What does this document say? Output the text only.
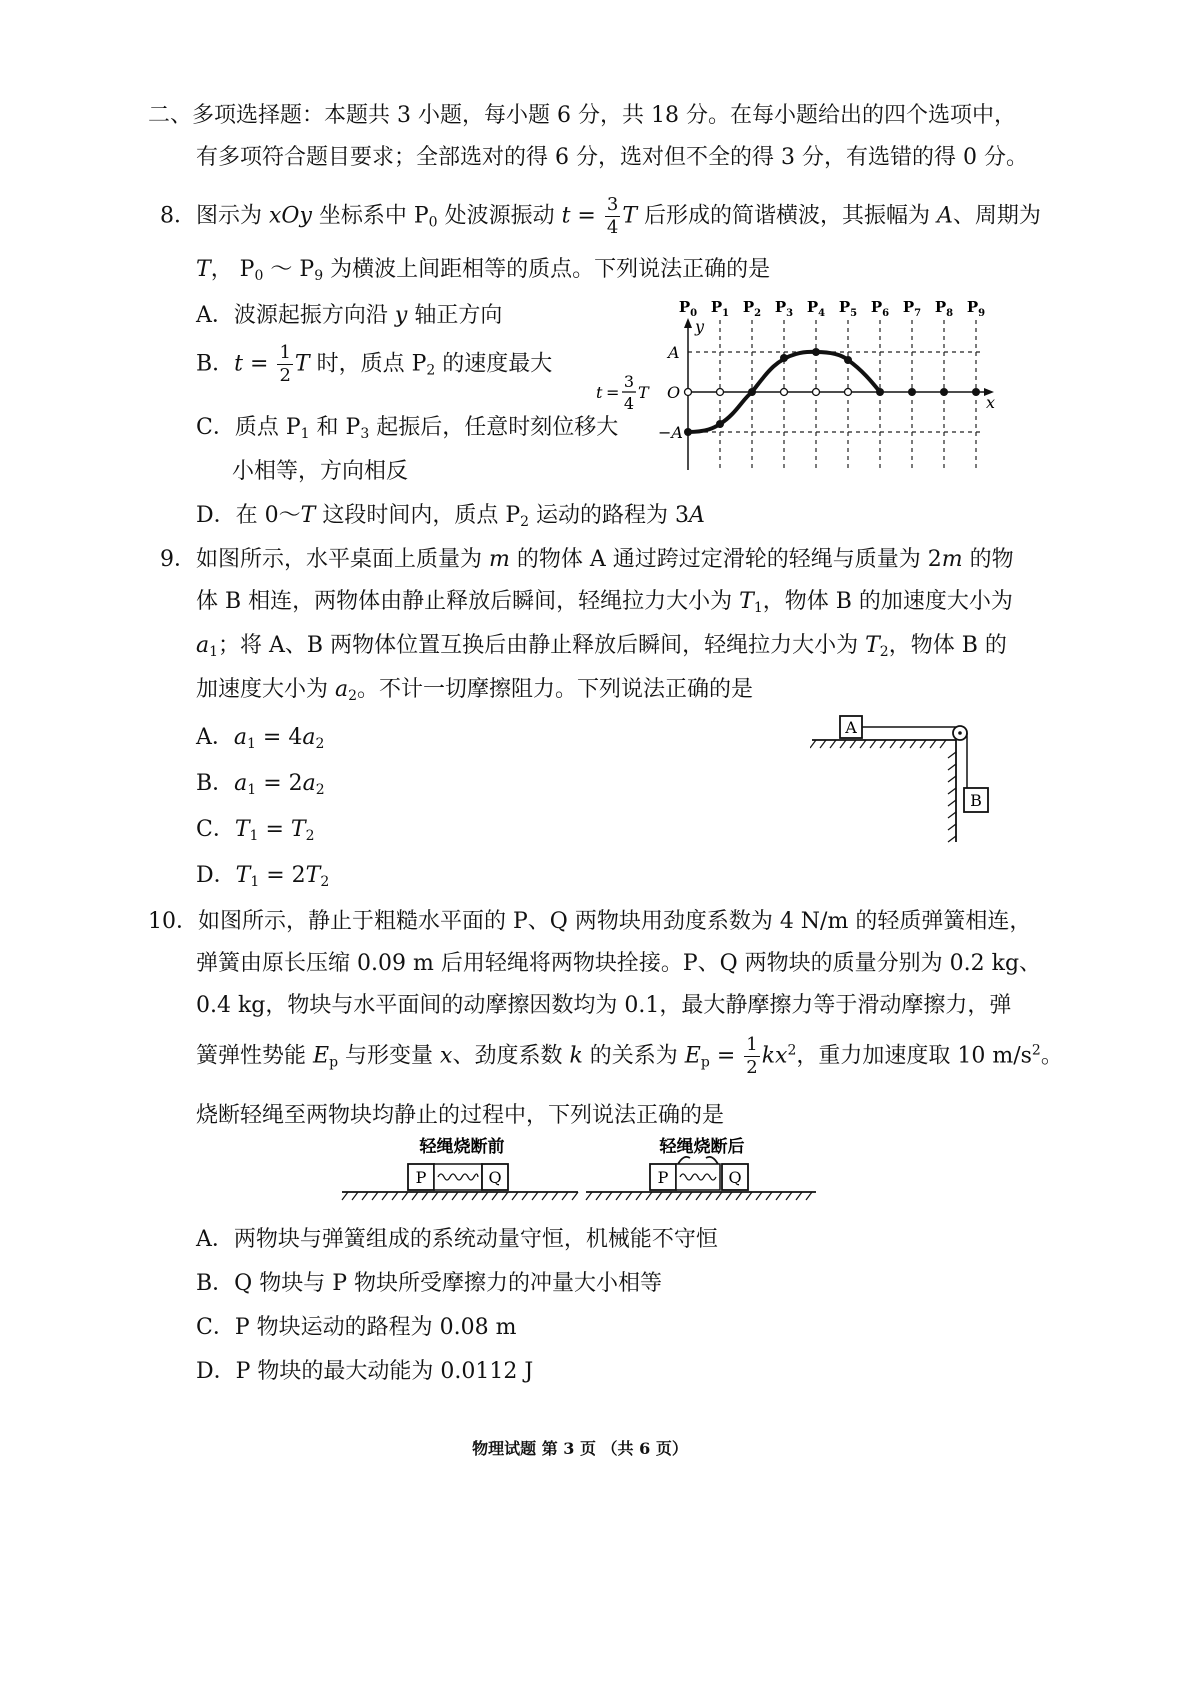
二、多项选择题：本题共 3 小题，每小题 6 分，共 18 分。在每小题给出的四个选项中，
有多项符合题目要求；全部选对的得 6 分，选对但不全的得 3 分，有选错的得 0 分。
8．图示为 xOy 坐标系中 $P_0$ 处波源振动 $t = \frac{3}{4}$ T 后形成的简谐横波，其振幅为 A、周期为
T， $P_0$ ～ $P_9$ 为横波上间距相等的质点。下列说法正确的是
A．波源起振方向沿 y 轴正方向
B．$t = \frac{1}{2}$ T 时，质点 $P_2$ 的速度最大
C．质点 $P_1$ 和 $P_3$ 起振后，任意时刻位移大
小相等，方向相反
D．在 0～T 这段时间内，质点 $P_2$ 运动的路程为 3A
$P_0$ $P_1$ $P_2$ $P_3$ $P_4$ $P_5$ $P_6$ $P_7$ $P_8$ $P_9$
y
x
A
O
−A
t =
3
4
T
9．如图所示，水平桌面上质量为 m 的物体 A 通过跨过定滑轮的轻绳与质量为 2m 的物
体 B 相连，两物体由静止释放后瞬间，轻绳拉力大小为 $T_1$，物体 B 的加速度大小为
$a_1$；将 A、B 两物体位置互换后由静止释放后瞬间，轻绳拉力大小为 $T_2$，物体 B 的
加速度大小为 $a_2$。不计一切摩擦阻力。下列说法正确的是
A．$a_1 = 4a_2$
B．$a_1 = 2a_2$
C．$T_1 = T_2$
D．$T_1 = 2T_2$
A
B
10．如图所示，静止于粗糙水平面的 P、Q 两物块用劲度系数为 4 N/m 的轻质弹簧相连，
弹簧由原长压缩 0.09 m 后用轻绳将两物块拴接。P、Q 两物块的质量分别为 0.2 kg、
0.4 kg，物块与水平面间的动摩擦因数均为 0.1，最大静摩擦力等于滑动摩擦力，弹
簧弹性势能 $E_p$ 与形变量 x、劲度系数 k 的关系为 $E_p = \frac{1}{2} kx^2$，重力加速度取 10 $m/s^2$。
烧断轻绳至两物块均静止的过程中，下列说法正确的是
轻绳烧断前	轻绳烧断后
P	Q	P	Q
A．两物块与弹簧组成的系统动量守恒，机械能不守恒
B．Q 物块与 P 物块所受摩擦力的冲量大小相等
C．P 物块运动的路程为 0.08 m
D．P 物块的最大动能为 0.0112 J
物理试题 第 3 页 （共 6 页）
